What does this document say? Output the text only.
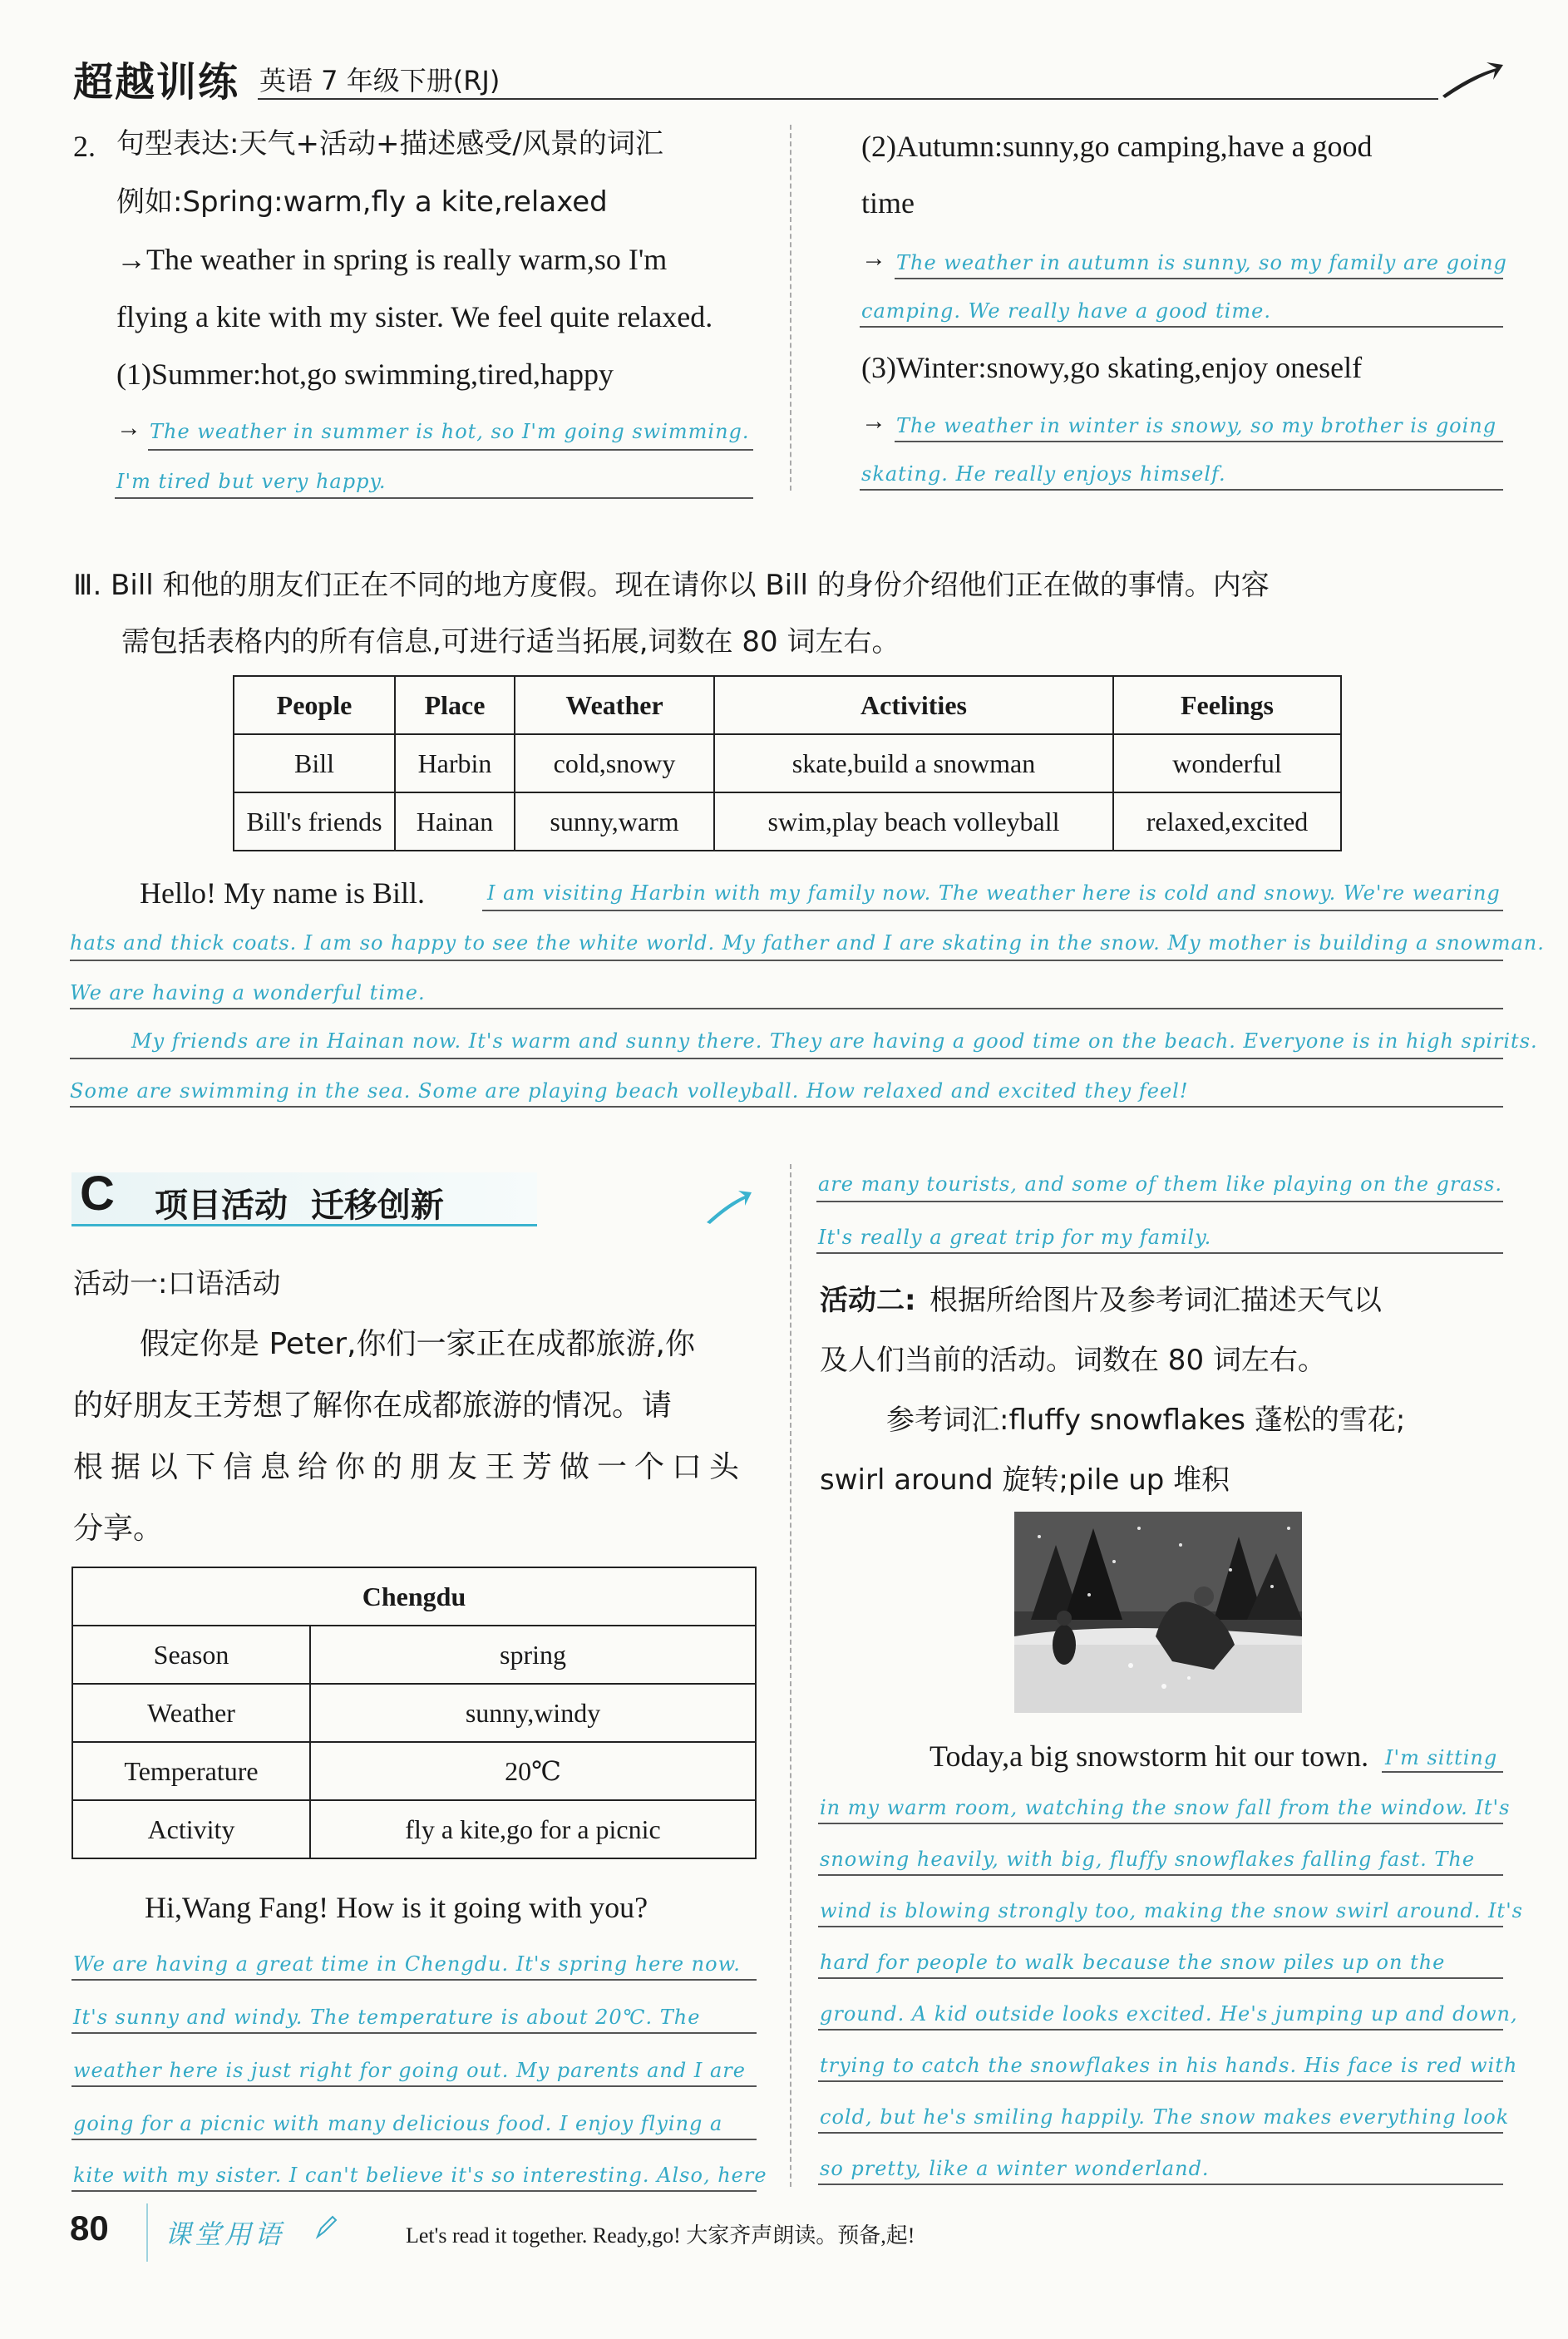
超越训练 英语 7 年级下册(RJ)
2. 句型表达:天气+活动+描述感受/风景的词汇
例如:Spring:warm,fly a kite,relaxed
→The weather in spring is really warm,so I'm
flying a kite with my sister. We feel quite relaxed.
(1)Summer:hot,go swimming,tired,happy
→ The weather in summer is hot, so I'm going swimming.
I'm tired but very happy.
(2)Autumn:sunny,go camping,have a good
time
→ The weather in autumn is sunny, so my family are going
camping. We really have a good time.
(3)Winter:snowy,go skating,enjoy oneself
→ The weather in winter is snowy, so my brother is going
skating. He really enjoys himself.
Ⅲ. Bill 和他的朋友们正在不同的地方度假。现在请你以 Bill 的身份介绍他们正在做的事情。内容
需包括表格内的所有信息,可进行适当拓展,词数在 80 词左右。
People	Place	Weather	Activities	Feelings
Bill	Harbin	cold,snowy	skate,build a snowman	wonderful
Bill's friends	Hainan	sunny,warm	swim,play beach volleyball	relaxed,excited
Hello! My name is Bill.	I am visiting Harbin with my family now. The weather here is cold and snowy. We're wearing
hats and thick coats. I am so happy to see the white world. My father and I are skating in the snow. My mother is building a snowman.
We are having a wonderful time.
My friends are in Hainan now. It's warm and sunny there. They are having a good time on the beach. Everyone is in high spirits.
Some are swimming in the sea. Some are playing beach volleyball. How relaxed and excited they feel!
C 项目活动  迁移创新
活动一:口语活动
假定你是 Peter,你们一家正在成都旅游,你
的好朋友王芳想了解你在成都旅游的情况。请
根据以下信息给你的朋友王芳做一个口头
分享。
Chengdu	
Season	spring
Weather	sunny,windy
Temperature	20℃
Activity	fly a kite,go for a picnic
Hi,Wang Fang! How is it going with you?
We are having a great time in Chengdu. It's spring here now.
It's sunny and windy. The temperature is about 20℃. The
weather here is just right for going out. My parents and I are
going for a picnic with many delicious food. I enjoy flying a
kite with my sister. I can't believe it's so interesting. Also, here
are many tourists, and some of them like playing on the grass.
It's really a great trip for my family.
活动二: 根据所给图片及参考词汇描述天气以
及人们当前的活动。词数在 80 词左右。
参考词汇:fluffy snowflakes 蓬松的雪花;
swirl around 旋转;pile up 堆积
Today,a big snowstorm hit our town. I'm sitting
in my warm room, watching the snow fall from the window. It's
snowing heavily, with big, fluffy snowflakes falling fast. The
wind is blowing strongly too, making the snow swirl around. It's
hard for people to walk because the snow piles up on the
ground. A kid outside looks excited. He's jumping up and down,
trying to catch the snowflakes in his hands. His face is red with
cold, but he's smiling happily. The snow makes everything look
so pretty, like a winter wonderland.
80 课堂用语	Let's read it together. Ready,go! 大家齐声朗读。预备,起!
